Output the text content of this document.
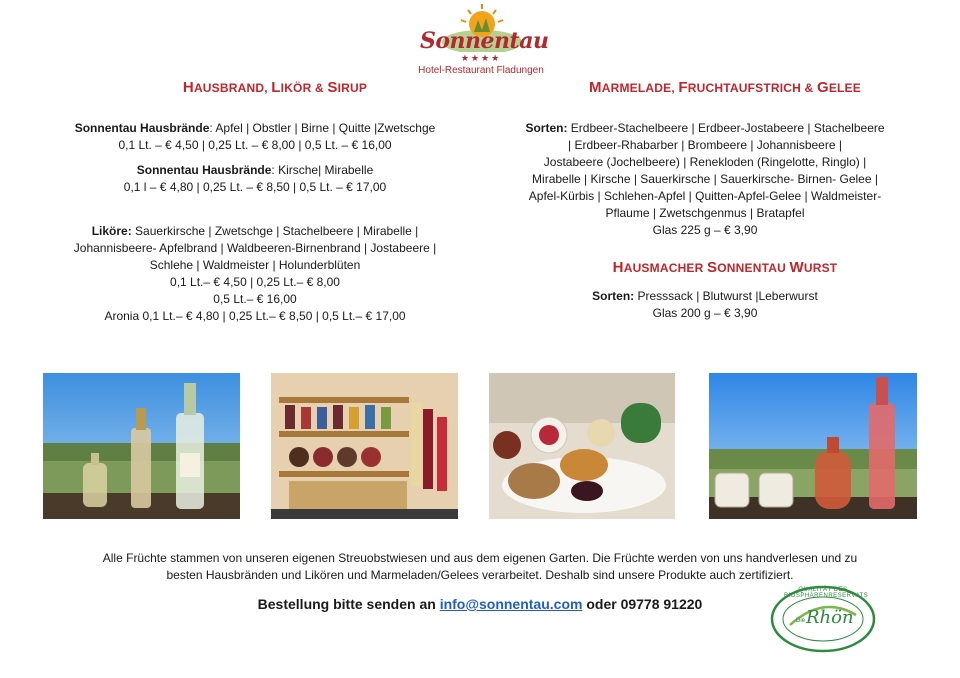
Sonnentau
★★★★
Hotel-Restaurant Fladungen
HAUSBRAND, LIKÖR & SIRUP

Sonnentau Hausbrände: Apfel | Obstler | Birne | Quitte |Zwetschge

0,1 Lt. – € 4,50 | 0,25 Lt. – € 8,00 | 0,5 Lt. – € 16,00

Sonnentau Hausbrände: Kirsche| Mirabelle

0,1 l – € 4,80 | 0,25 Lt. – € 8,50 | 0,5 Lt. – € 17,00

Liköre: Sauerkirsche | Zwetschge | Stachelbeere | Mirabelle |

Johannisbeere- Apfelbrand | Waldbeeren-Birnenbrand | Jostabeere |

Schlehe | Waldmeister | Holunderblüten

0,1 Lt.– € 4,50 | 0,25 Lt.– € 8,00

0,5 Lt.– € 16,00

Aronia 0,1 Lt.– € 4,80 | 0,25 Lt.– € 8,50 | 0,5 Lt.– € 17,00

MARMELADE, FRUCHTAUFSTRICH & GELEE

Sorten: Erdbeer-Stachelbeere | Erdbeer-Jostabeere | Stachelbeere

| Erdbeer-Rhabarber | Brombeere | Johannisbeere |

Jostabeere (Jochelbeere) | Renekloden (Ringelotte, Ringlo) |

Mirabelle | Kirsche | Sauerkirsche | Sauerkirsche- Birnen- Gelee |

Apfel-Kürbis | Schlehen-Apfel | Quitten-Apfel-Gelee | Waldmeister-

Pflaume | Zwetschgenmus | Bratapfel

Glas 225 g – € 3,90

HAUSMACHER SONNENTAU WURST

Sorten: Presssack | Blutwurst |Leberwurst

Glas 200 g – € 3,90

Alle Früchte stammen von unseren eigenen Streuobstwiesen und aus dem eigenen Garten. Die Früchte werden von uns handverlesen und zu

besten Hausbränden und Likören und Marmeladen/Gelees verarbeitet. Deshalb sind unsere Produkte auch zertifiziert.

Bestellung bitte senden an info@sonnentau.com oder 09778 91220
QUALITÄT DES BIOSPHÄRENRESERVATS
Die Rhön
